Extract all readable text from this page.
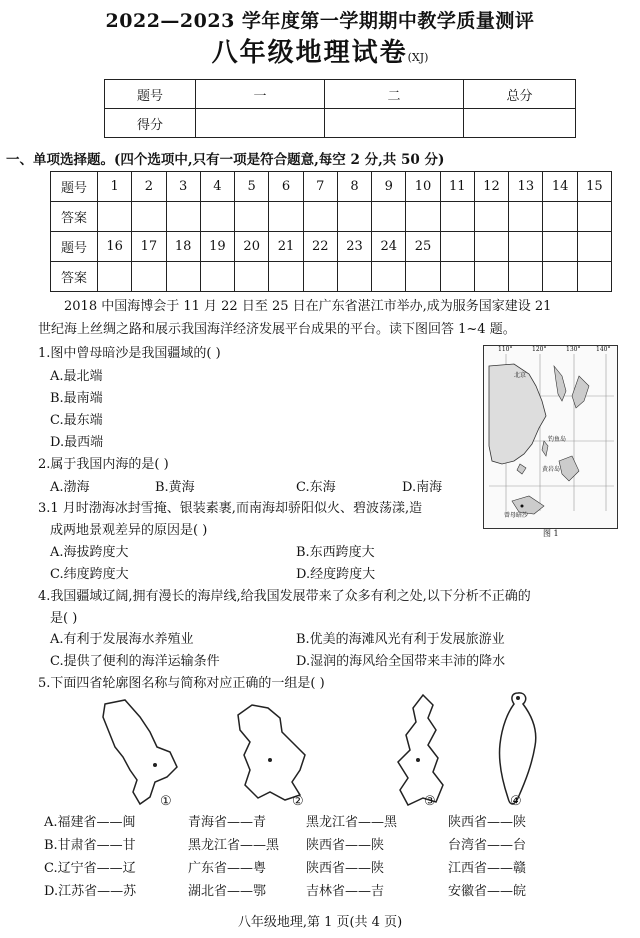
2022—2023 学年度第一学期期中教学质量测评
八年级地理试卷(XJ)
题号	一	二	总分
得分			
一、单项选择题。(四个选项中,只有一项是符合题意,每空 2 分,共 50 分)
题号	1	2	3	4	5	6	7	8	9	10	11	12	13	14	15
答案															
题号	16	17	18	19	20	21	22	23	24	25					
答案															
2018 中国海博会于 11 月 22 日至 25 日在广东省湛江市举办,成为服务国家建设 21
世纪海上丝绸之路和展示我国海洋经济发展平台成果的平台。读下图回答 1~4 题。
1.图中曾母暗沙是我国疆域的( )
A.最北端
B.最南端
C.最东端
D.最西端
2.属于我国内海的是( )
A.渤海	B.黄海	C.东海	D.南海
3.1 月时渤海冰封雪掩、银装素裹,而南海却骄阳似火、碧波荡漾,造
成两地景观差异的原因是( )
A.海拔跨度大	B.东西跨度大
C.纬度跨度大	D.经度跨度大
4.我国疆域辽阔,拥有漫长的海岸线,给我国发展带来了众多有利之处,以下分析不正确的
是( )
A.有利于发展海水养殖业	B.优美的海滩风光有利于发展旅游业
C.提供了便利的海洋运输条件	D.湿润的海风给全国带来丰沛的降水
5.下面四省轮廓图名称与简称对应正确的一组是( )
①	②	③	④
A.福建省——闽	青海省——青	黑龙江省——黑	陕西省——陕
B.甘肃省——甘	黑龙江省——黑 陕西省——陕	台湾省——台
C.辽宁省——辽	广东省——粤	陕西省——陕	江西省——赣
D.江苏省——苏	湖北省——鄂	吉林省——吉	安徽省——皖
110°	120°	130°	140°
北京
钓鱼岛
黄岩岛
曾母暗沙
图 1
八年级地理,第 1 页(共 4 页)
